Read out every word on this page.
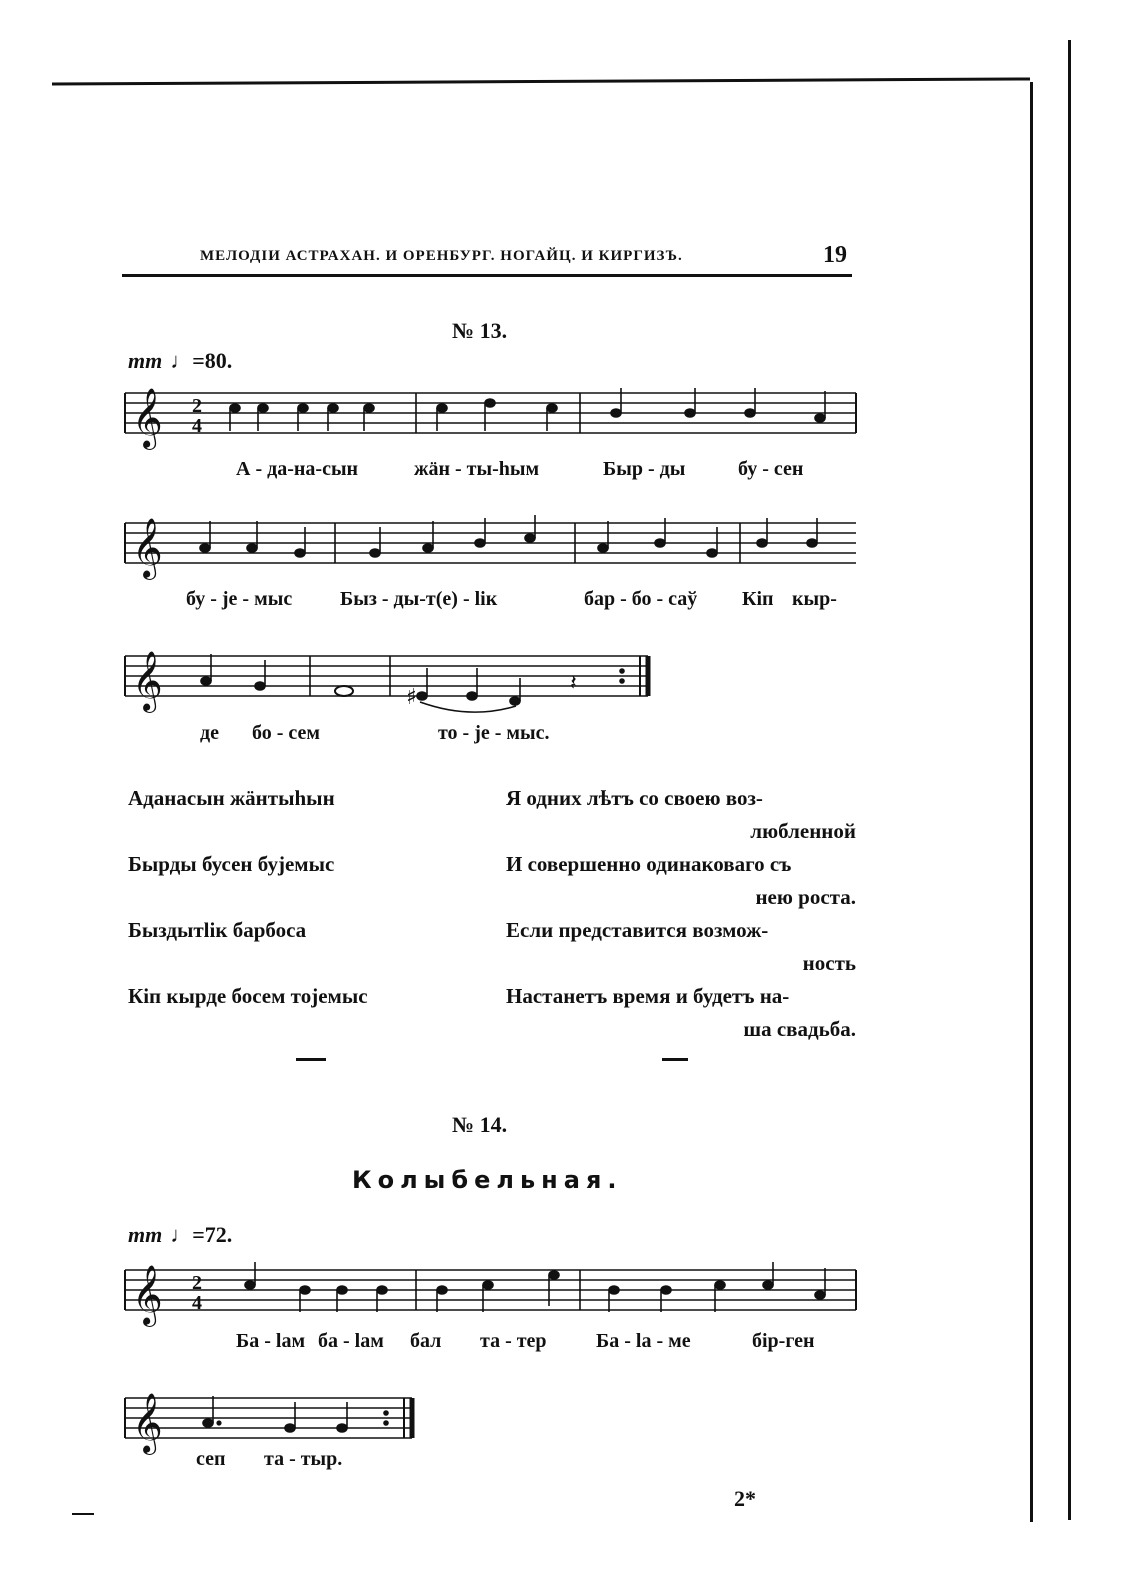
МЕЛОДІИ АСТРАХАН. И ОРЕНБУРГ. НОГАЙЦ. И КИРГИЗЪ.	19
№ 13.
mm ♩=80.
𝄞 2
4
А - да-на-сын	жӓн - ты-һым	Быр - ды	бу - сен
𝄞
бу - је - мыс Быз - ды-т(е) - lік	бар - бо - саў Кіп кыр-
𝄞	♯
𝄽
де бо - сем	то - је - мыс.
Аданасын жӓнтыһын	Я одних лѣтъ со своею воз-
любленной
Бырды бусен бујемыс	И совершенно одинаковаго съ
нею роста.
Быздытlік барбоса	Если представится возмож-
ность
Кіп кырде босем тојемыс	Настанетъ время и будетъ на-
ша свадьба.
№ 14.
Колыбельная.
mm ♩=72.
𝄞 2
4
Ба - lам ба - lам бал та - тер Ба - lа - ме	бір-ген
𝄞
сеп та - тыр.
2*
